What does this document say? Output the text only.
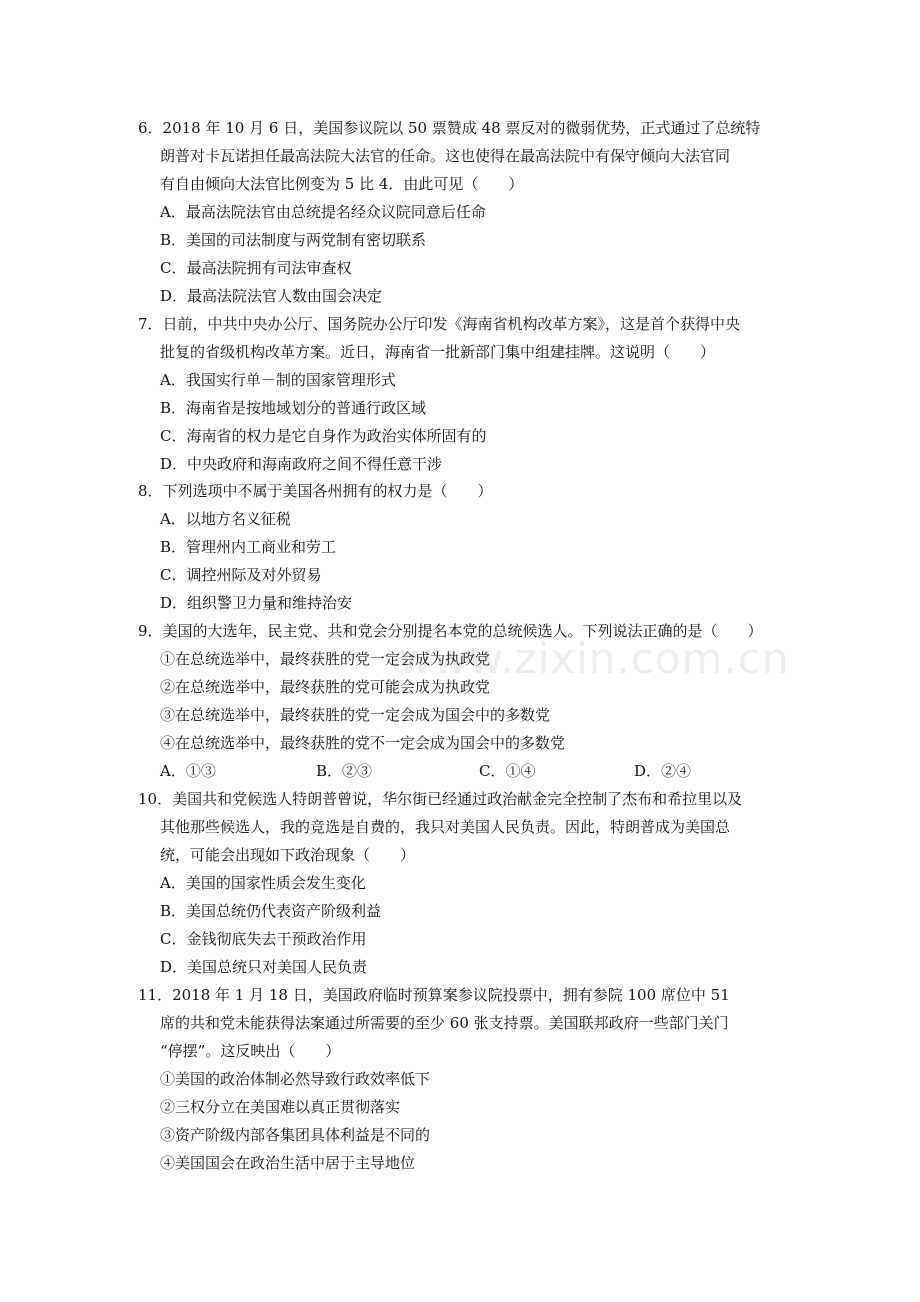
www.zixin.com.cn
6．2018 年 10 月 6 日，美国参议院以 50 票赞成 48 票反对的微弱优势，正式通过了总统特
朗普对卡瓦诺担任最高法院大法官的任命。这也使得在最高法院中有保守倾向大法官同
有自由倾向大法官比例变为 5 比 4．由此可见（　　）
A．最高法院法官由总统提名经众议院同意后任命
B．美国的司法制度与两党制有密切联系
C．最高法院拥有司法审查权
D．最高法院法官人数由国会决定
7．日前，中共中央办公厅、国务院办公厅印发《海南省机构改革方案》，这是首个获得中央
批复的省级机构改革方案。近日，海南省一批新部门集中组建挂牌。这说明（　　）
A．我国实行单－制的国家管理形式
B．海南省是按地域划分的普通行政区域
C．海南省的权力是它自身作为政治实体所固有的
D．中央政府和海南政府之间不得任意干涉
8．下列选项中不属于美国各州拥有的权力是（　　）
A．以地方名义征税
B．管理州内工商业和劳工
C．调控州际及对外贸易
D．组织警卫力量和维持治安
9．美国的大选年，民主党、共和党会分别提名本党的总统候选人。下列说法正确的是（　　）
①在总统选举中，最终获胜的党一定会成为执政党
②在总统选举中，最终获胜的党可能会成为执政党
③在总统选举中，最终获胜的党一定会成为国会中的多数党
④在总统选举中，最终获胜的党不一定会成为国会中的多数党
A．①③	B．②③	C．①④	D．②④
10．美国共和党候选人特朗普曾说，华尔街已经通过政治献金完全控制了杰布和希拉里以及
其他那些候选人，我的竞选是自费的，我只对美国人民负责。因此，特朗普成为美国总
统，可能会出现如下政治现象（　　）
A．美国的国家性质会发生变化
B．美国总统仍代表资产阶级利益
C．金钱彻底失去干预政治作用
D．美国总统只对美国人民负责
11．2018 年 1 月 18 日，美国政府临时预算案参议院投票中，拥有参院 100 席位中 51
席的共和党未能获得法案通过所需要的至少 60 张支持票。美国联邦政府一些部门关门
“停摆”。这反映出（　　）
①美国的政治体制必然导致行政效率低下
②三权分立在美国难以真正贯彻落实
③资产阶级内部各集团具体利益是不同的
④美国国会在政治生活中居于主导地位
